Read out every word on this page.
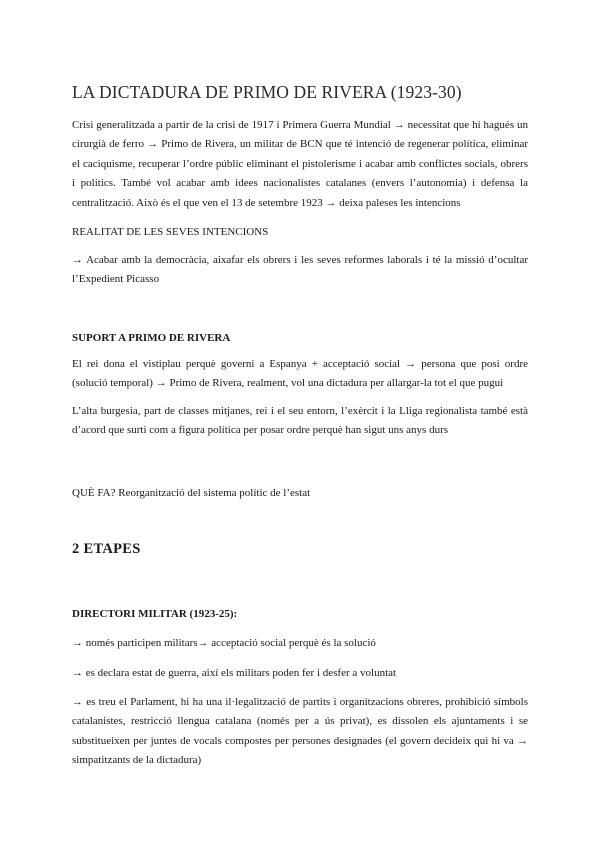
LA DICTADURA DE PRIMO DE RIVERA (1923-30)

Crisi generalitzada a partir de la crisi de 1917 i Primera Guerra Mundial → necessitat que hi hagués un cirurgià de ferro → Primo de Rivera, un militar de BCN que té intenció de regenerar política, eliminar el caciquisme, recuperar l’ordre públic eliminant el pistolerisme i acabar amb conflictes socials, obrers i polítics. També vol acabar amb idees nacionalistes catalanes (envers l’autonomia) i defensa la centralització. Això és el que ven el 13 de setembre 1923 → deixa paleses les intencions

REALITAT DE LES SEVES INTENCIONS

→ Acabar amb la democràcia, aixafar els obrers i les seves reformes laborals i té la missió d’ocultar l’Expedient Picasso

SUPORT A PRIMO DE RIVERA

El rei dona el vistiplau perquè governi a Espanya + acceptació social → persona que posi ordre (solució temporal) → Primo de Rivera, realment, vol una dictadura per allargar-la tot el que pugui

L’alta burgesia, part de classes mitjanes, rei i el seu entorn, l’exèrcit i la Lliga regionalista també està d’acord que surti com a figura política per posar ordre perquè han sigut uns anys durs

QUÈ FA? Reorganització del sistema polític de l’estat

2 ETAPES

DIRECTORI MILITAR (1923-25):

→ només participen militars→ acceptació social perquè és la solució

→ es declara estat de guerra, així els militars poden fer i desfer a voluntat

→ es treu el Parlament, hi ha una il·legalització de partits i organitzacions obreres, prohibició símbols catalanistes, restricció llengua catalana (només per a ús privat), es dissolen els ajuntaments i se substitueixen per juntes de vocals compostes per persones designades (el govern decideix qui hi va → simpatitzants de la dictadura)
